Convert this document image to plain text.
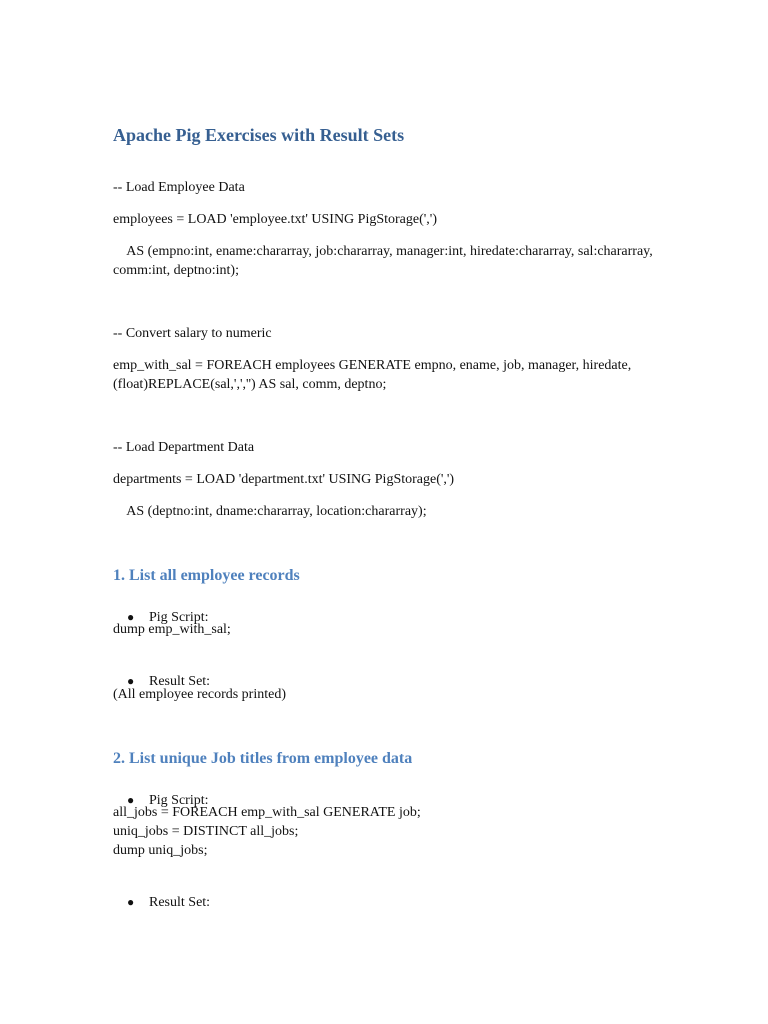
Apache Pig Exercises with Result Sets
-- Load Employee Data
employees = LOAD 'employee.txt' USING PigStorage(',')
AS (empno:int, ename:chararray, job:chararray, manager:int, hiredate:chararray, sal:chararray,
comm:int, deptno:int);
-- Convert salary to numeric
emp_with_sal = FOREACH employees GENERATE empno, ename, job, manager, hiredate,
(float)REPLACE(sal,',','') AS sal, comm, deptno;
-- Load Department Data
departments = LOAD 'department.txt' USING PigStorage(',')
AS (deptno:int, dname:chararray, location:chararray);
1. List all employee records

● Pig Script:

dump emp_with_sal;

● Result Set:

(All employee records printed)
2. List unique Job titles from employee data

● Pig Script:

all_jobs = FOREACH emp_with_sal GENERATE job;
uniq_jobs = DISTINCT all_jobs;
dump uniq_jobs;

● Result Set:
